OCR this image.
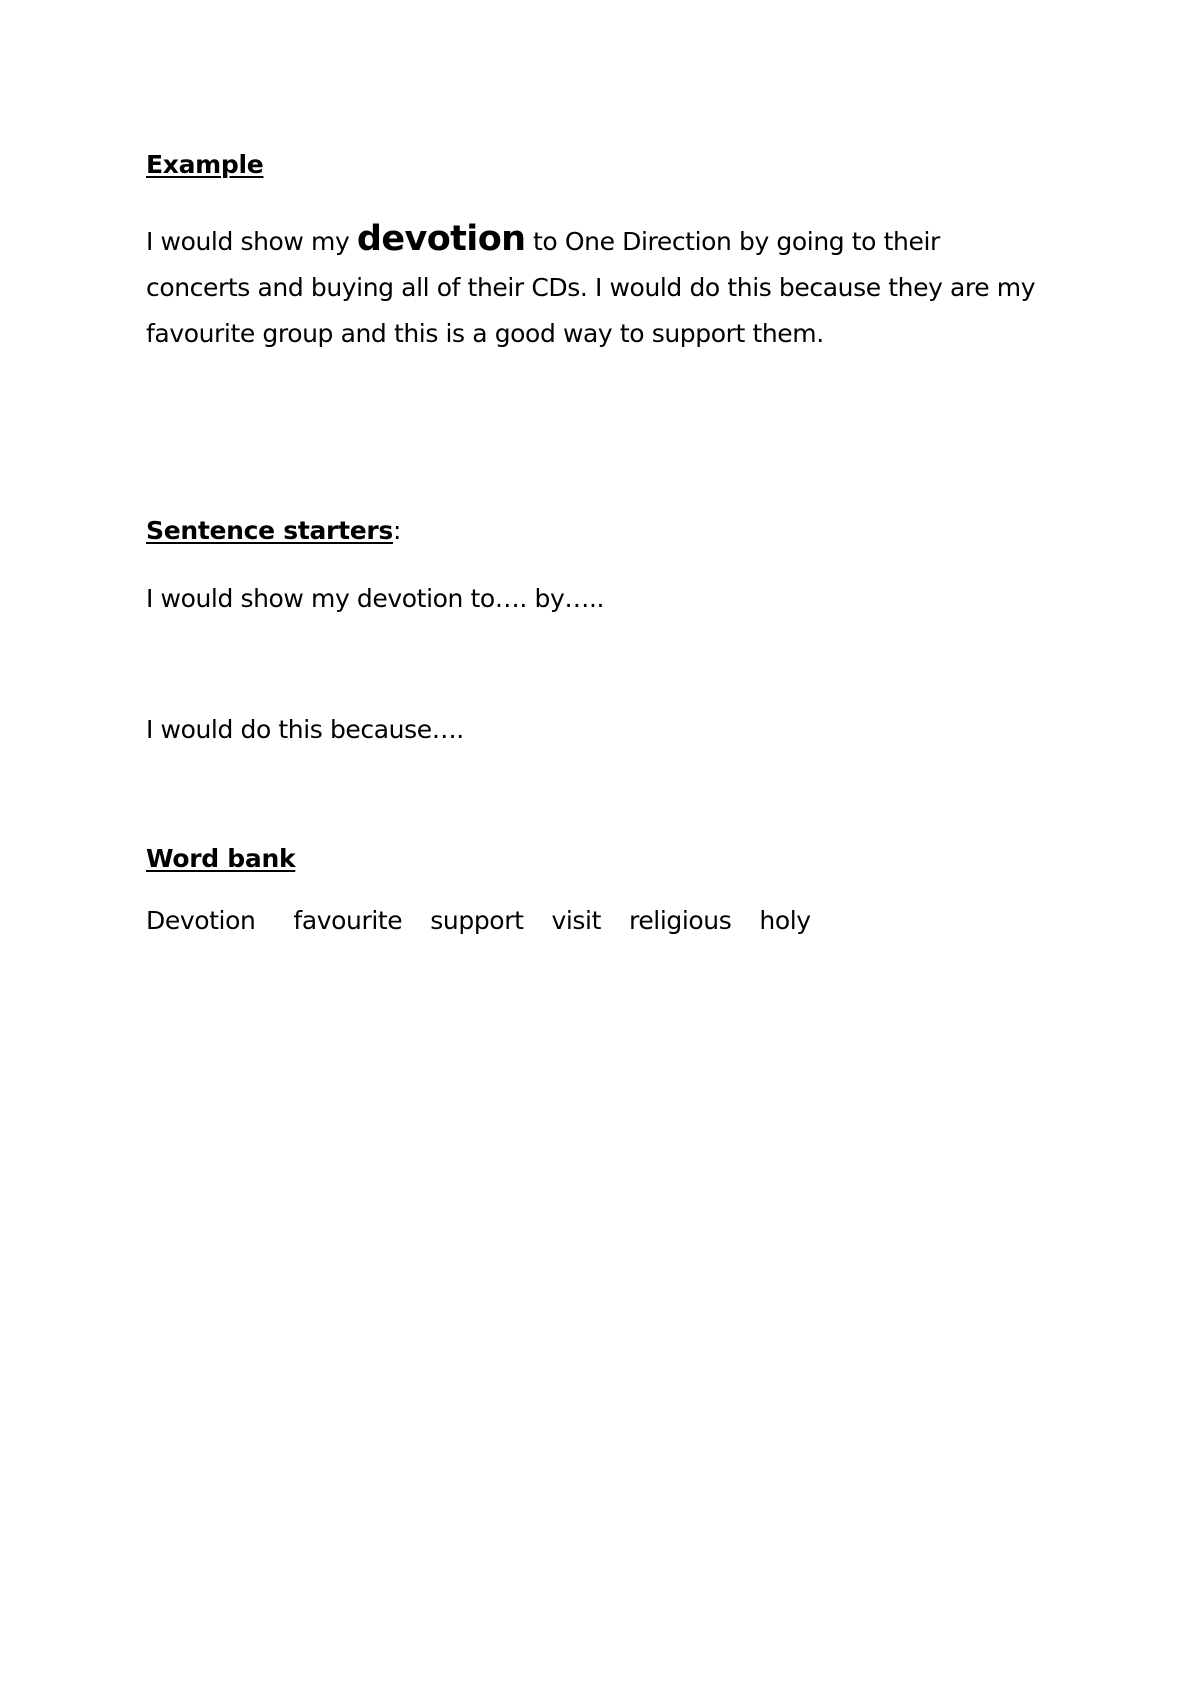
Example

I would show my devotion to One Direction by going to their concerts and buying all of their CDs. I would do this because they are my favourite group and this is a good way to support them.

Sentence starters:

I would show my devotion to…. by…..

I would do this because….

Word bank
Devotion favourite support visit religious holy
